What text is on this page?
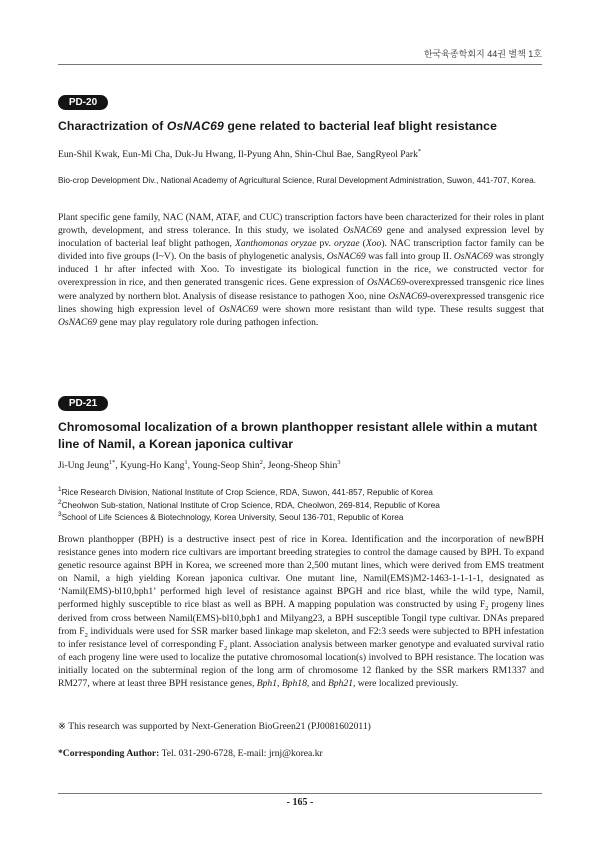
한국육종학회지 44권 별책 1호
PD-20
Charactrization of OsNAC69 gene related to bacterial leaf blight resistance
Eun-Shil Kwak, Eun-Mi Cha, Duk-Ju Hwang, Il-Pyung Ahn, Shin-Chul Bae, SangRyeol Park*
Bio-crop Development Div., National Academy of Agricultural Science, Rural Development Administration, Suwon, 441-707, Korea.
Plant specific gene family, NAC (NAM, ATAF, and CUC) transcription factors have been characterized for their roles in plant growth, development, and stress tolerance. In this study, we isolated OsNAC69 gene and analysed expression level by inoculation of bacterial leaf blight pathogen, Xanthomonas oryzae pv. oryzae (Xoo). NAC transcription factor family can be divided into five groups (I~V). On the basis of phylogenetic analysis, OsNAC69 was fall into group II. OsNAC69 was strongly induced 1 hr after infected with Xoo. To investigate its biological function in the rice, we constructed vector for overexpression in rice, and then generated transgenic rices. Gene expression of OsNAC69-overexpressed transgenic rice lines were analyzed by northern blot. Analysis of disease resistance to pathogen Xoo, nine OsNAC69-overexpressed transgenic rice lines showing high expression level of OsNAC69 were shown more resistant than wild type. These results suggest that OsNAC69 gene may play regulatory role during pathogen infection.
PD-21
Chromosomal localization of a brown planthopper resistant allele within a mutant
line of Namil, a Korean japonica cultivar
Ji-Ung Jeung$^{1*}$, Kyung-Ho Kang$^1$, Young-Seop Shin$^2$, Jeong-Sheop Shin$^3$
$^1$Rice Research Division, National Institute of Crop Science, RDA, Suwon, 441-857, Republic of Korea
$^2$Cheolwon Sub-station, National Institute of Crop Science, RDA, Cheolwon, 269-814, Republic of Korea
$^3$School of Life Sciences & Biotechnology, Korea University, Seoul 136-701, Republic of Korea
Brown planthopper (BPH) is a destructive insect pest of rice in Korea. Identification and the incorporation of newBPH resistance genes into modern rice cultivars are important breeding strategies to control the damage caused by BPH. To expand genetic resource against BPH in Korea, we screened more than 2,500 mutant lines, which were derived from EMS treatment on Namil, a high yielding Korean japonica cultivar. One mutant line, Namil(EMS)M2-1463-1-1-1-1, designated as ‘Namil(EMS)-bl10,bph1’ performed high level of resistance against BPGH and rice blast, while the wild type, Namil, performed highly susceptible to rice blast as well as BPH. A mapping population was constructed by using $F_2$ progeny lines derived from cross between Namil(EMS)-bl10,bph1 and Milyang23, a BPH susceptible Tongil type cultivar. DNAs prepared from $F_2$ individuals were used for SSR marker based linkage map skeleton, and F2:3 seeds were subjected to BPH infestation to infer resistance level of corresponding $F_2$ plant. Association analysis between marker genotype and evaluated survival ratio of each progeny line were used to localize the putative chromosomal location(s) involved to BPH resistance. The location was initially located on the subterminal region of the long arm of chromosome 12 flanked by the SSR markers RM1337 and RM277, where at least three BPH resistance genes, Bph1, Bph18, and Bph21, were localized previously.
※ This research was supported by Next-Generation BioGreen21 (PJ0081602011)
*Corresponding Author: Tel. 031-290-6728, E-mail: jrnj@korea.kr
- 165 -
